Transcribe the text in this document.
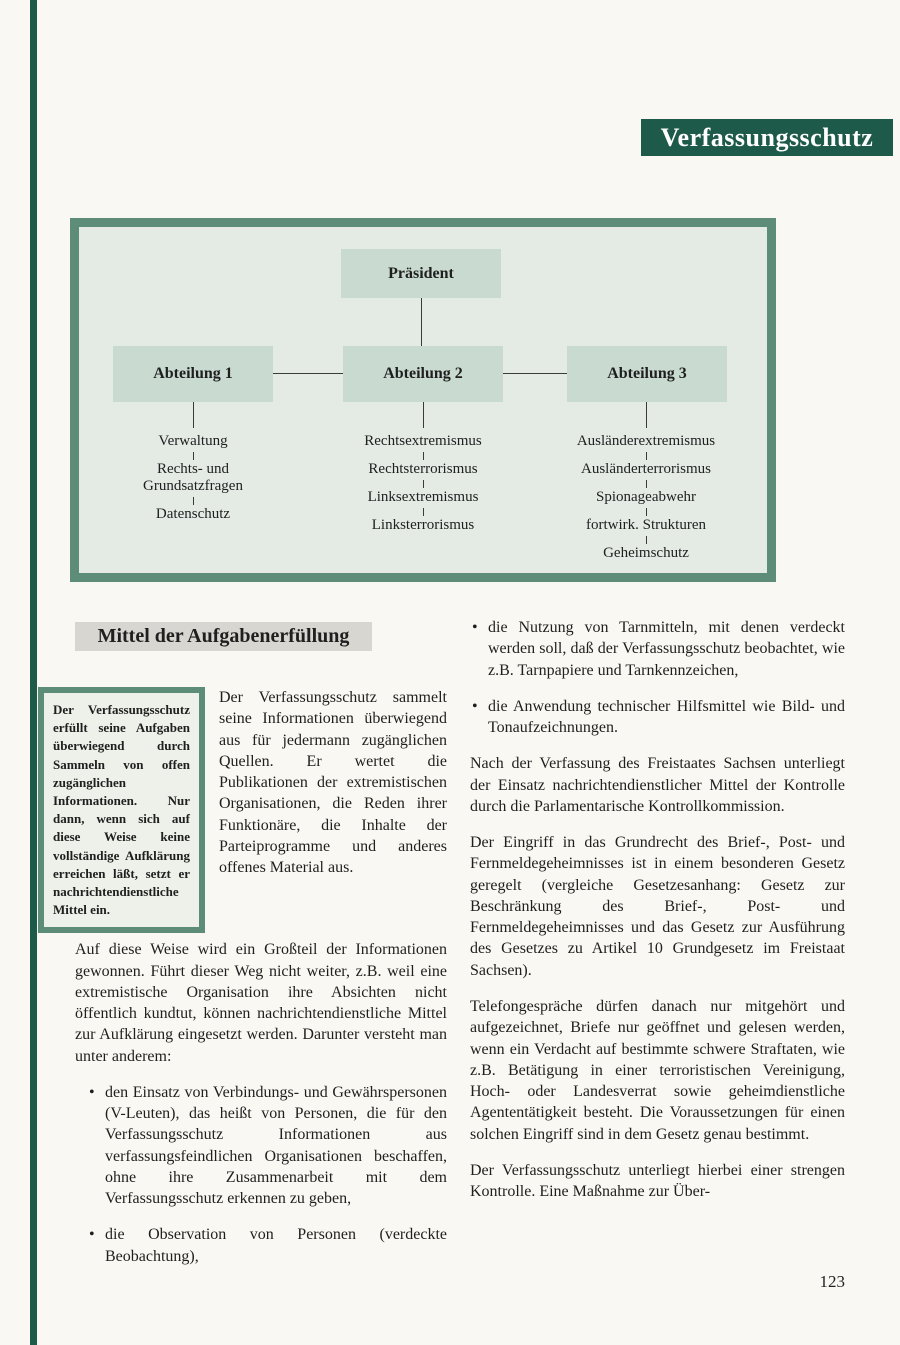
Verfassungsschutz
Präsident
Abteilung 1	Abteilung 2	Abteilung 3
Verwaltung
Rechts- und Grundsatzfragen
Datenschutz
Rechtsextremismus
Rechtsterrorismus
Linksextremismus
Linksterrorismus
Ausländerextremismus
Ausländerterrorismus
Spionageabwehr
fortwirk. Strukturen
Geheimschutz
Mittel der Aufgabenerfüllung
Der Verfassungsschutz erfüllt seine Aufgaben überwiegend durch Sammeln von offen zugänglichen Informationen. Nur dann, wenn sich auf diese Weise keine vollständige Aufklärung erreichen läßt, setzt er nachrichtendienstliche Mittel ein.

Der Verfassungsschutz sammelt seine Informationen überwiegend aus für jedermann zugänglichen Quellen. Er wertet die Publikationen der extremistischen Organisationen, die Reden ihrer Funktionäre, die Inhalte der Parteiprogramme und anderes offenes Material aus.

Auf diese Weise wird ein Großteil der Informationen gewonnen. Führt dieser Weg nicht weiter, z.B. weil eine extremistische Organisation ihre Absichten nicht öffentlich kundtut, können nachrichtendienstliche Mittel zur Aufklärung eingesetzt werden. Darunter versteht man unter anderem:

• den Einsatz von Verbindungs- und Gewährspersonen (V-Leuten), das heißt von Personen, die für den Verfassungsschutz Informationen aus verfassungsfeindlichen Organisationen beschaffen, ohne ihre Zusammenarbeit mit dem Verfassungsschutz erkennen zu geben,
• die Observation von Personen (verdeckte Beobachtung),
• die Nutzung von Tarnmitteln, mit denen verdeckt werden soll, daß der Verfassungsschutz beobachtet, wie z.B. Tarnpapiere und Tarnkennzeichen,
• die Anwendung technischer Hilfsmittel wie Bild- und Tonaufzeichnungen.

Nach der Verfassung des Freistaates Sachsen unterliegt der Einsatz nachrichtendienstlicher Mittel der Kontrolle durch die Parlamentarische Kontrollkommission.

Der Eingriff in das Grundrecht des Brief-, Post- und Fernmeldegeheimnisses ist in einem besonderen Gesetz geregelt (vergleiche Gesetzesanhang: Gesetz zur Beschränkung des Brief-, Post- und Fernmeldegeheimnisses und das Gesetz zur Ausführung des Gesetzes zu Artikel 10 Grundgesetz im Freistaat Sachsen).

Telefongespräche dürfen danach nur mitgehört und aufgezeichnet, Briefe nur geöffnet und gelesen werden, wenn ein Verdacht auf bestimmte schwere Straftaten, wie z.B. Betätigung in einer terroristischen Vereinigung, Hoch- oder Landesverrat sowie geheimdienstliche Agententätigkeit besteht. Die Voraussetzungen für einen solchen Eingriff sind in dem Gesetz genau bestimmt.

Der Verfassungsschutz unterliegt hierbei einer strengen Kontrolle. Eine Maßnahme zur Über-

123
